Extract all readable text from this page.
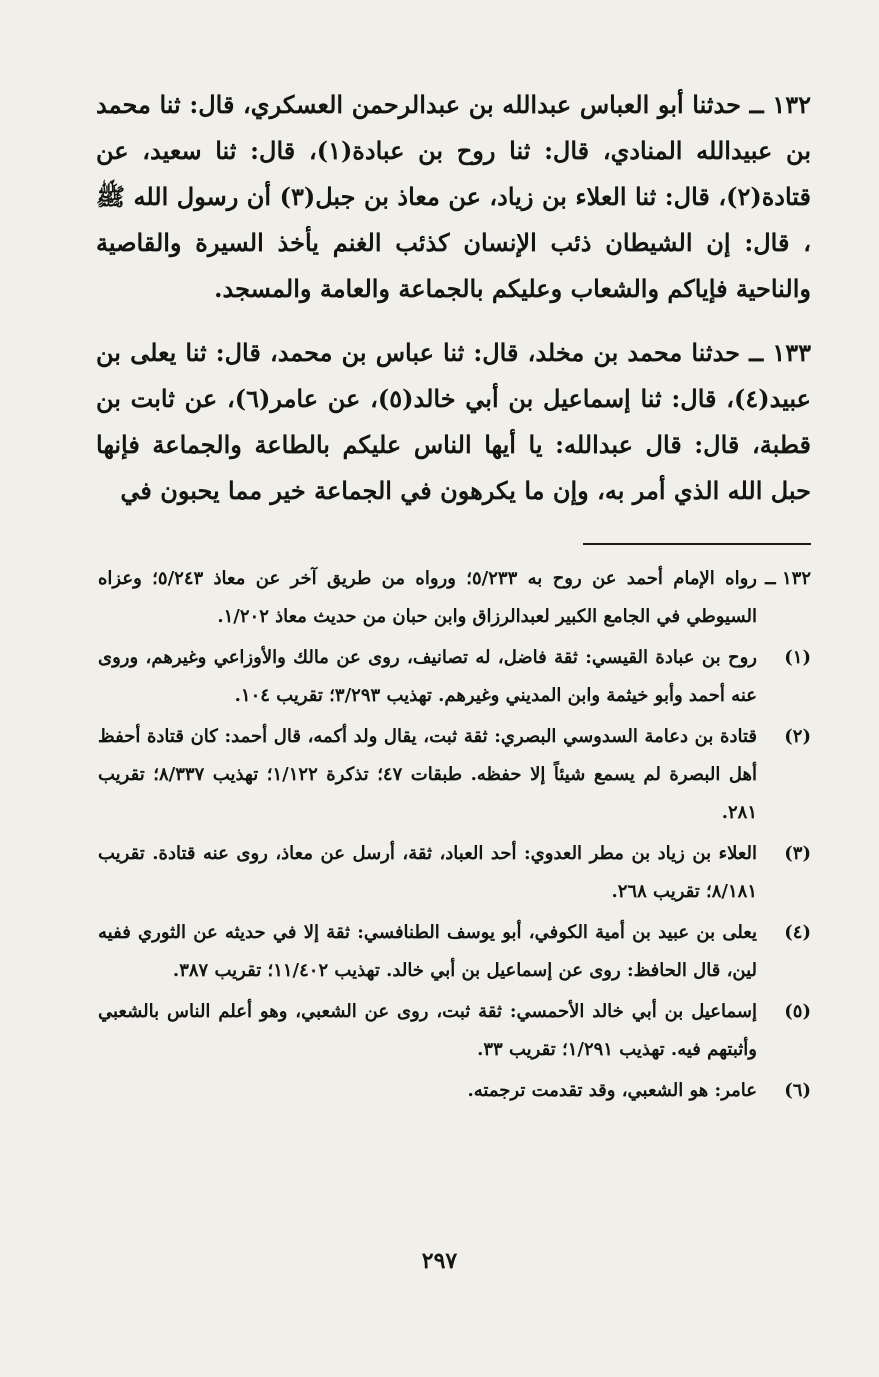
١٣٢ ــ حدثنا أبو العباس عبدالله بن عبدالرحمن العسكري، قال: ثنا محمد بن عبيدالله المنادي، قال: ثنا روح بن عبادة(١)، قال: ثنا سعيد، عن قتادة(٢)، قال: ثنا العلاء بن زياد، عن معاذ بن جبل(٣) أن رسول الله ﷺ ، قال: إن الشيطان ذئب الإنسان كذئب الغنم يأخذ السيرة والقاصية والناحية فإياكم والشعاب وعليكم بالجماعة والعامة والمسجد.

١٣٣ ــ حدثنا محمد بن مخلد، قال: ثنا عباس بن محمد، قال: ثنا يعلى بن عبيد(٤)، قال: ثنا إسماعيل بن أبي خالد(٥)، عن عامر(٦)، عن ثابت بن قطبة، قال: قال عبدالله: يا أيها الناس عليكم بالطاعة والجماعة فإنها حبل الله الذي أمر به، وإن ما يكرهون في الجماعة خير مما يحبون في

١٣٢ ــ
رواه الإمام أحمد عن روح به ٥/٢٣٣؛ ورواه من طريق آخر عن معاذ ٥/٢٤٣؛ وعزاه السيوطي في الجامع الكبير لعبدالرزاق وابن حبان من حديث معاذ ١/٢٠٢.
(١)
روح بن عبادة القيسي: ثقة فاضل، له تصانيف، روى عن مالك والأوزاعي وغيرهم، وروى عنه أحمد وأبو خيثمة وابن المديني وغيرهم. تهذيب ٣/٢٩٣؛ تقريب ١٠٤.
(٢)
قتادة بن دعامة السدوسي البصري: ثقة ثبت، يقال ولد أكمه، قال أحمد: كان قتادة أحفظ أهل البصرة لم يسمع شيئاً إلا حفظه. طبقات ٤٧؛ تذكرة ١/١٢٢؛ تهذيب ٨/٣٣٧؛ تقريب ٢٨١.
(٣)
العلاء بن زياد بن مطر العدوي: أحد العباد، ثقة، أرسل عن معاذ، روى عنه قتادة. تقريب ٨/١٨١؛ تقريب ٢٦٨.
(٤)
يعلى بن عبيد بن أمية الكوفي، أبو يوسف الطنافسي: ثقة إلا في حديثه عن الثوري ففيه لين، قال الحافظ: روى عن إسماعيل بن أبي خالد. تهذيب ١١/٤٠٢؛ تقريب ٣٨٧.
(٥)
إسماعيل بن أبي خالد الأحمسي: ثقة ثبت، روى عن الشعبي، وهو أعلم الناس بالشعبي وأثبتهم فيه. تهذيب ١/٢٩١؛ تقريب ٣٣.
(٦)
عامر: هو الشعبي، وقد تقدمت ترجمته.
٢٩٧
